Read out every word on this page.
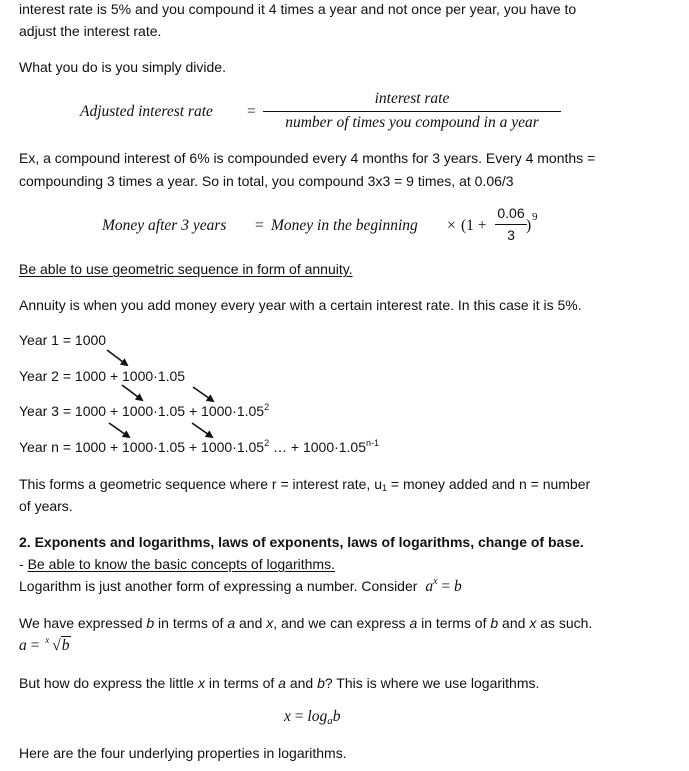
interest rate is 5% and you compound it 4 times a year and not once per year, you have to
adjust the interest rate.
What you do is you simply divide.
Adjusted interest rate =
interest rate
number of times you compound in a year
Ex, a compound interest of 6% is compounded every 4 months for 3 years. Every 4 months =
compounding 3 times a year. So in total, you compound 3x3 = 9 times, at 0.06/3
Money after 3 years = Money in the beginning × (1 +
0.06
3
) 9
Be able to use geometric sequence in form of annuity.
Annuity is when you add money every year with a certain interest rate. In this case it is 5%.
Year 1 = 1000
Year 2 = 1000 + 1000·1.05
Year $3 = 1000 + 1000\cdot 1.05 + 1000\cdot 1.05^2$
Year $n = 1000 + 1000\cdot 1.05 + 1000\cdot 1.05^2$ … + $1000\cdot 1.05^{n-1}$
This forms a geometric sequence where r = interest rate, $u_1$ = money added and n = number
of years.
2. Exponents and logarithms, laws of exponents, laws of logarithms, change of base.
- Be able to know the basic concepts of logarithms.
Logarithm is just another form of expressing a number. Consider $a^x = b$
We have expressed b in terms of a and x, and we can express a in terms of b and x as such.
a = x √b
But how do express the little x in terms of a and b? This is where we use logarithms.
$x = \log_ab$
Here are the four underlying properties in logarithms.
